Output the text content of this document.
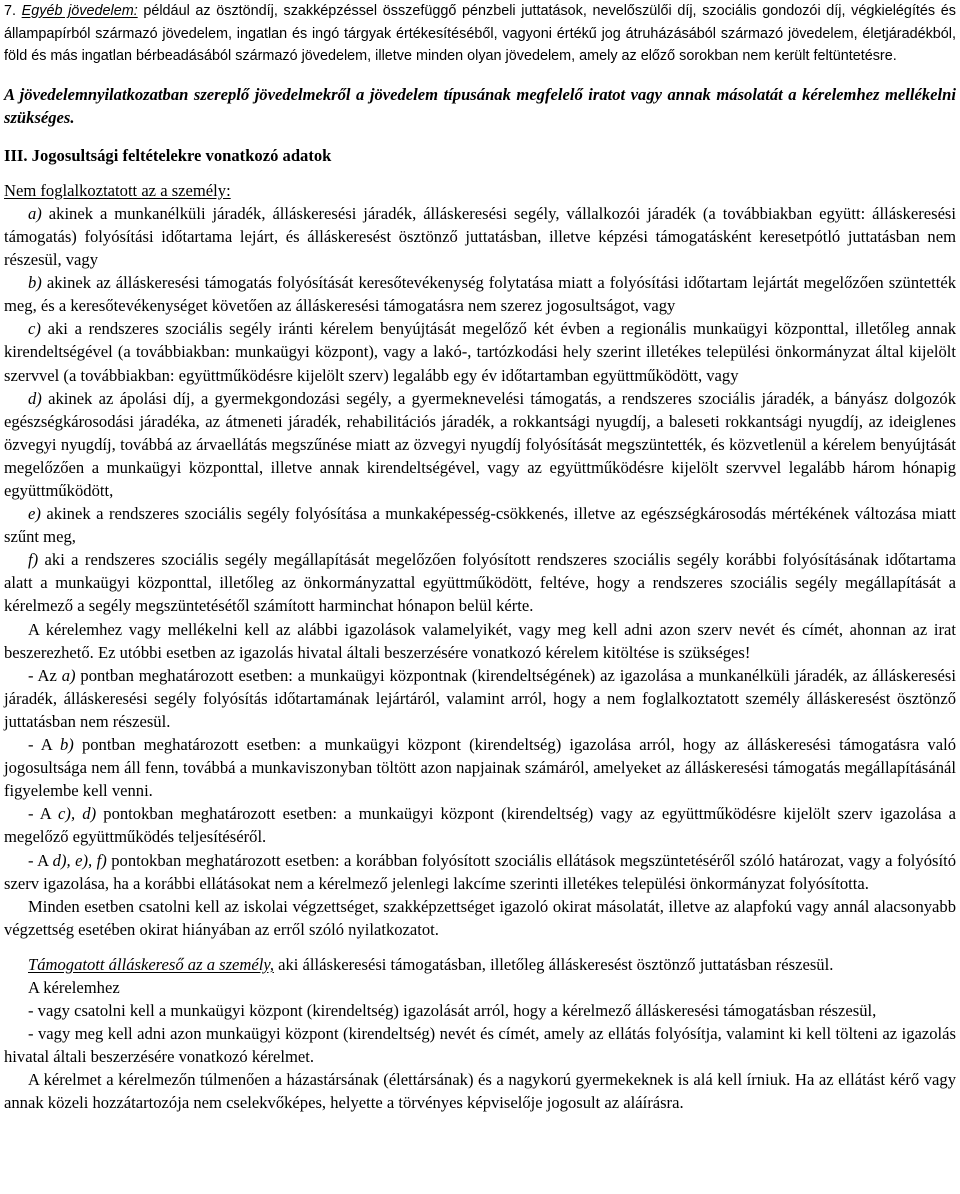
7. Egyéb jövedelem: például az ösztöndíj, szakképzéssel összefüggő pénzbeli juttatások, nevelőszülői díj, szociális gondozói díj, végkielégítés és állampapírból származó jövedelem, ingatlan és ingó tárgyak értékesítéséből, vagyoni értékű jog átruházásából származó jövedelem, életjáradékból, föld és más ingatlan bérbeadásából származó jövedelem, illetve minden olyan jövedelem, amely az előző sorokban nem került feltüntetésre.

A jövedelemnyilatkozatban szereplő jövedelmekről a jövedelem típusának megfelelő iratot vagy annak másolatát a kérelemhez mellékelni szükséges.

III. Jogosultsági feltételekre vonatkozó adatok

Nem foglalkoztatott az a személy:

a) akinek a munkanélküli járadék, álláskeresési járadék, álláskeresési segély, vállalkozói járadék (a továbbiakban együtt: álláskeresési támogatás) folyósítási időtartama lejárt, és álláskeresést ösztönző juttatásban, illetve képzési támogatásként keresetpótló juttatásban nem részesül, vagy

b) akinek az álláskeresési támogatás folyósítását keresőtevékenység folytatása miatt a folyósítási időtartam lejártát megelőzően szüntették meg, és a keresőtevékenységet követően az álláskeresési támogatásra nem szerez jogosultságot, vagy

c) aki a rendszeres szociális segély iránti kérelem benyújtását megelőző két évben a regionális munkaügyi központtal, illetőleg annak kirendeltségével (a továbbiakban: munkaügyi központ), vagy a lakó-, tartózkodási hely szerint illetékes települési önkormányzat által kijelölt szervvel (a továbbiakban: együttműködésre kijelölt szerv) legalább egy év időtartamban együttműködött, vagy

d) akinek az ápolási díj, a gyermekgondozási segély, a gyermeknevelési támogatás, a rendszeres szociális járadék, a bányász dolgozók egészségkárosodási járadéka, az átmeneti járadék, rehabilitációs járadék, a rokkantsági nyugdíj, a baleseti rokkantsági nyugdíj, az ideiglenes özvegyi nyugdíj, továbbá az árvaellátás megszűnése miatt az özvegyi nyugdíj folyósítását megszüntették, és közvetlenül a kérelem benyújtását megelőzően a munkaügyi központtal, illetve annak kirendeltségével, vagy az együttműködésre kijelölt szervvel legalább három hónapig együttműködött,

e) akinek a rendszeres szociális segély folyósítása a munkaképesség-csökkenés, illetve az egészségkárosodás mértékének változása miatt szűnt meg,

f) aki a rendszeres szociális segély megállapítását megelőzően folyósított rendszeres szociális segély korábbi folyósításának időtartama alatt a munkaügyi központtal, illetőleg az önkormányzattal együttműködött, feltéve, hogy a rendszeres szociális segély megállapítását a kérelmező a segély megszüntetésétől számított harminchat hónapon belül kérte.

A kérelemhez vagy mellékelni kell az alábbi igazolások valamelyikét, vagy meg kell adni azon szerv nevét és címét, ahonnan az irat beszerezhető. Ez utóbbi esetben az igazolás hivatal általi beszerzésére vonatkozó kérelem kitöltése is szükséges!

- Az a) pontban meghatározott esetben: a munkaügyi központnak (kirendeltségének) az igazolása a munkanélküli járadék, az álláskeresési járadék, álláskeresési segély folyósítás időtartamának lejártáról, valamint arról, hogy a nem foglalkoztatott személy álláskeresést ösztönző juttatásban nem részesül.

- A b) pontban meghatározott esetben: a munkaügyi központ (kirendeltség) igazolása arról, hogy az álláskeresési támogatásra való jogosultsága nem áll fenn, továbbá a munkaviszonyban töltött azon napjainak számáról, amelyeket az álláskeresési támogatás megállapításánál figyelembe kell venni.

- A c), d) pontokban meghatározott esetben: a munkaügyi központ (kirendeltség) vagy az együttműködésre kijelölt szerv igazolása a megelőző együttműködés teljesítéséről.

- A d), e), f) pontokban meghatározott esetben: a korábban folyósított szociális ellátások megszüntetéséről szóló határozat, vagy a folyósító szerv igazolása, ha a korábbi ellátásokat nem a kérelmező jelenlegi lakcíme szerinti illetékes települési önkormányzat folyósította.

Minden esetben csatolni kell az iskolai végzettséget, szakképzettséget igazoló okirat másolatát, illetve az alapfokú vagy annál alacsonyabb végzettség esetében okirat hiányában az erről szóló nyilatkozatot.

Támogatott álláskereső az a személy, aki álláskeresési támogatásban, illetőleg álláskeresést ösztönző juttatásban részesül.

A kérelemhez

- vagy csatolni kell a munkaügyi központ (kirendeltség) igazolását arról, hogy a kérelmező álláskeresési támogatásban részesül,

- vagy meg kell adni azon munkaügyi központ (kirendeltség) nevét és címét, amely az ellátás folyósítja, valamint ki kell tölteni az igazolás hivatal általi beszerzésére vonatkozó kérelmet.

A kérelmet a kérelmezőn túlmenően a házastársának (élettársának) és a nagykorú gyermekeknek is alá kell írniuk. Ha az ellátást kérő vagy annak közeli hozzátartozója nem cselekvőképes, helyette a törvényes képviselője jogosult az aláírásra.
